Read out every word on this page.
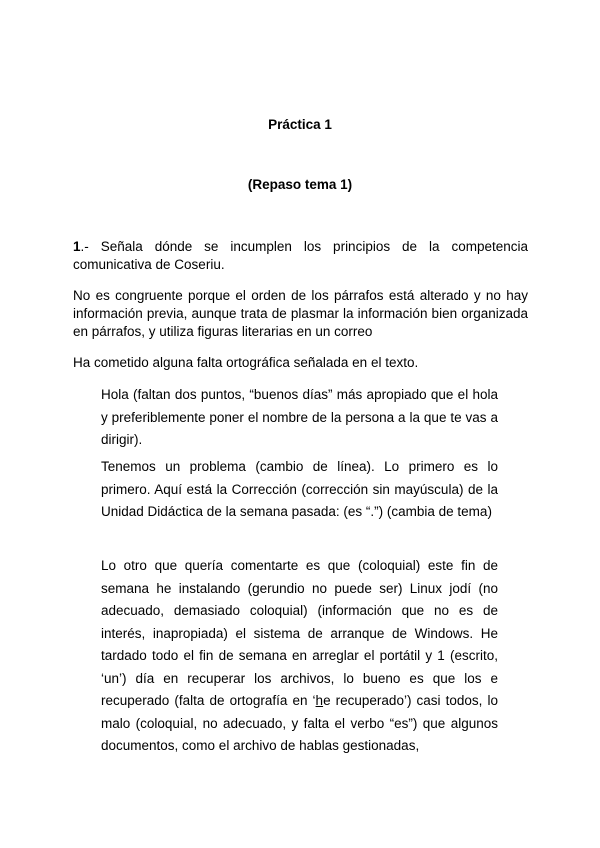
Práctica 1
(Repaso tema 1)

1.- Señala dónde se incumplen los principios de la competencia comunicativa de Coseriu.

No es congruente porque el orden de los párrafos está alterado y no hay información previa, aunque trata de plasmar la información bien organizada en párrafos, y utiliza figuras literarias en un correo

Ha cometido alguna falta ortográfica señalada en el texto.

Hola (faltan dos puntos, “buenos días” más apropiado que el hola y preferiblemente poner el nombre de la persona a la que te vas a dirigir).

Tenemos un problema (cambio de línea). Lo primero es lo primero. Aquí está la Corrección (corrección sin mayúscula) de la Unidad Didáctica de la semana pasada: (es “.”) (cambia de tema)

Lo otro que quería comentarte es que (coloquial) este fin de semana he instalando (gerundio no puede ser) Linux jodí (no adecuado, demasiado coloquial) (información que no es de interés, inapropiada) el sistema de arranque de Windows. He tardado todo el fin de semana en arreglar el portátil y 1 (escrito, ‘un’) día en recuperar los archivos, lo bueno es que los e recuperado (falta de ortografía en ‘he recuperado’) casi todos, lo malo (coloquial, no adecuado, y falta el verbo “es”) que algunos documentos, como el archivo de hablas gestionadas,
